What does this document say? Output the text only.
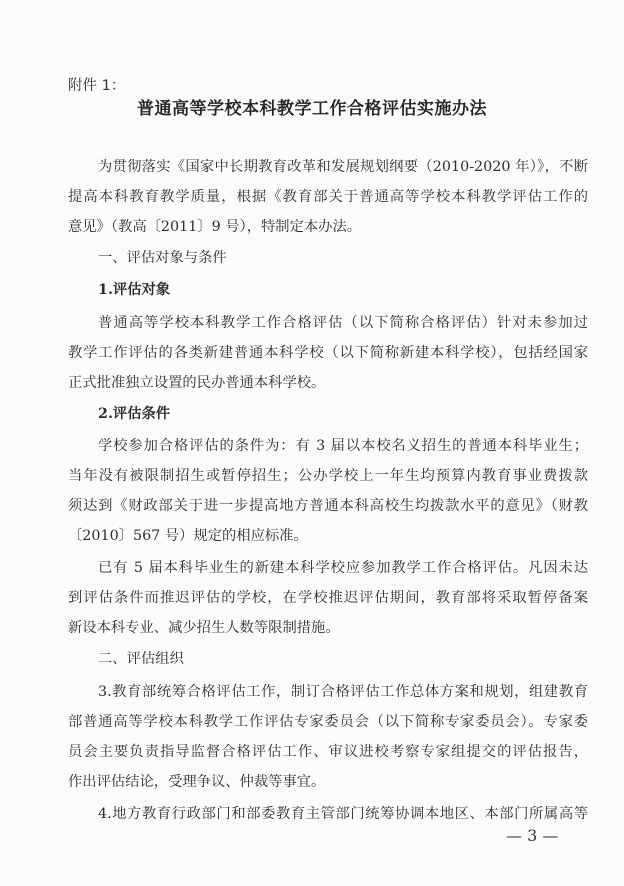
附件 1：
普通高等学校本科教学工作合格评估实施办法
为贯彻落实《国家中长期教育改革和发展规划纲要（2010-2020 年）》，不断
提高本科教育教学质量，根据《教育部关于普通高等学校本科教学评估工作的
意见》（教高〔2011〕9 号），特制定本办法。
一、评估对象与条件
1.评估对象
普通高等学校本科教学工作合格评估（以下简称合格评估）针对未参加过
教学工作评估的各类新建普通本科学校（以下简称新建本科学校），包括经国家
正式批准独立设置的民办普通本科学校。
2.评估条件
学校参加合格评估的条件为：有 3 届以本校名义招生的普通本科毕业生；
当年没有被限制招生或暂停招生；公办学校上一年生均预算内教育事业费拨款
须达到《财政部关于进一步提高地方普通本科高校生均拨款水平的意见》（财教
〔2010〕567 号）规定的相应标准。
已有 5 届本科毕业生的新建本科学校应参加教学工作合格评估。凡因未达
到评估条件而推迟评估的学校，在学校推迟评估期间，教育部将采取暂停备案
新设本科专业、减少招生人数等限制措施。
二、评估组织
3.教育部统筹合格评估工作，制订合格评估工作总体方案和规划，组建教育
部普通高等学校本科教学工作评估专家委员会（以下简称专家委员会）。专家委
员会主要负责指导监督合格评估工作、审议进校考察专家组提交的评估报告，
作出评估结论，受理争议、仲裁等事宜。
4.地方教育行政部门和部委教育主管部门统筹协调本地区、本部门所属高等
— 3 —
